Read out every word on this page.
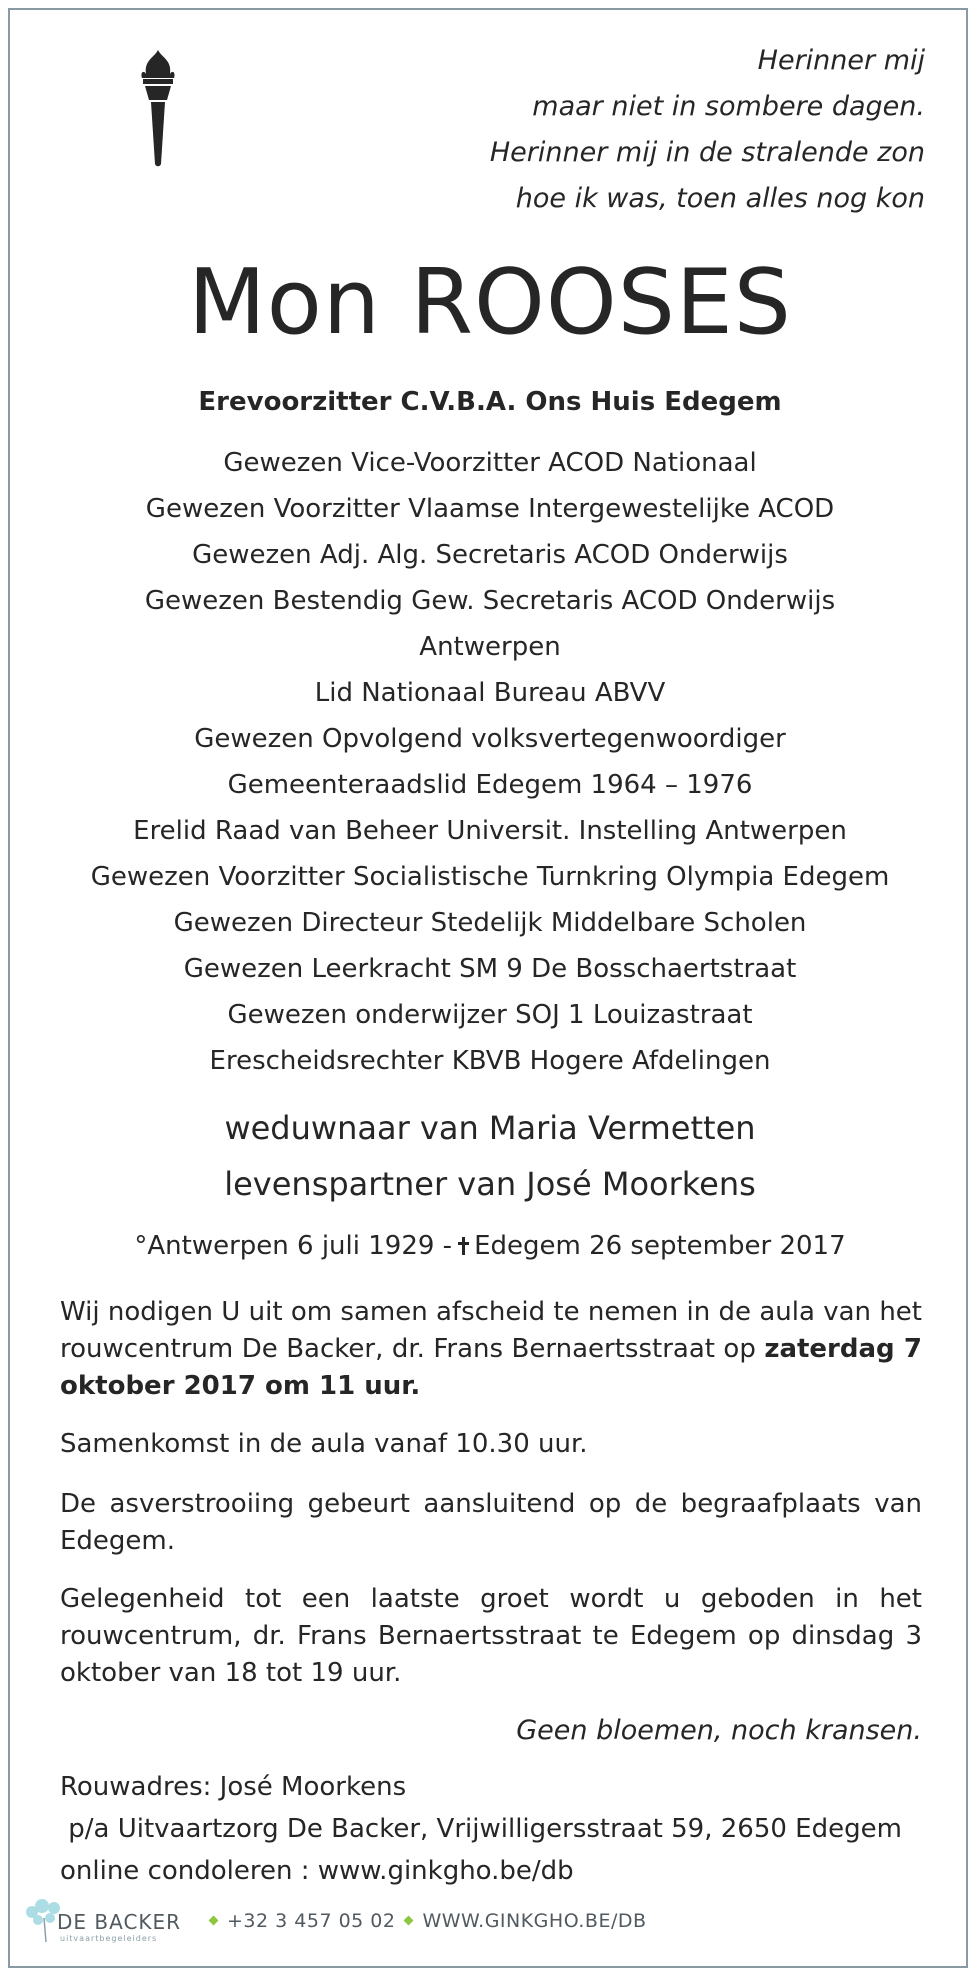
Herinner mij
maar niet in sombere dagen.
Herinner mij in de stralende zon
hoe ik was, toen alles nog kon
Mon ROOSES
Erevoorzitter C.V.B.A. Ons Huis Edegem
Gewezen Vice-Voorzitter ACOD Nationaal
Gewezen Voorzitter Vlaamse Intergewestelijke ACOD
Gewezen Adj. Alg. Secretaris ACOD Onderwijs
Gewezen Bestendig Gew. Secretaris ACOD Onderwijs
Antwerpen
Lid Nationaal Bureau ABVV
Gewezen Opvolgend volksvertegenwoordiger
Gemeenteraadslid Edegem 1964 – 1976
Erelid Raad van Beheer Universit. Instelling Antwerpen
Gewezen Voorzitter Socialistische Turnkring Olympia Edegem
Gewezen Directeur Stedelijk Middelbare Scholen
Gewezen Leerkracht SM 9 De Bosschaertstraat
Gewezen onderwijzer SOJ 1 Louizastraat
Erescheidsrechter KBVB Hogere Afdelingen
weduwnaar van Maria Vermetten
levenspartner van José Moorkens
°Antwerpen 6 juli 1929 - Edegem 26 september 2017
Wij nodigen U uit om samen afscheid te nemen in de aula van het rouwcentrum De Backer, dr. Frans Bernaertsstraat op zaterdag 7 oktober 2017 om 11 uur.
Samenkomst in de aula vanaf 10.30 uur.
De asverstrooiing gebeurt aansluitend op de begraafplaats van Edegem.
Gelegenheid tot een laatste groet wordt u geboden in het rouwcentrum, dr. Frans Bernaertsstraat te Edegem op dinsdag 3 oktober van 18 tot 19 uur.
Geen bloemen, noch kransen.
Rouwadres: José Moorkens
p/a Uitvaartzorg De Backer, Vrijwilligersstraat 59, 2650 Edegem
online condoleren : www.ginkgho.be/db
DE BACKER
uitvaartbegeleiders
+32 3 457 05 02 WWW.GINKGHO.BE/DB
